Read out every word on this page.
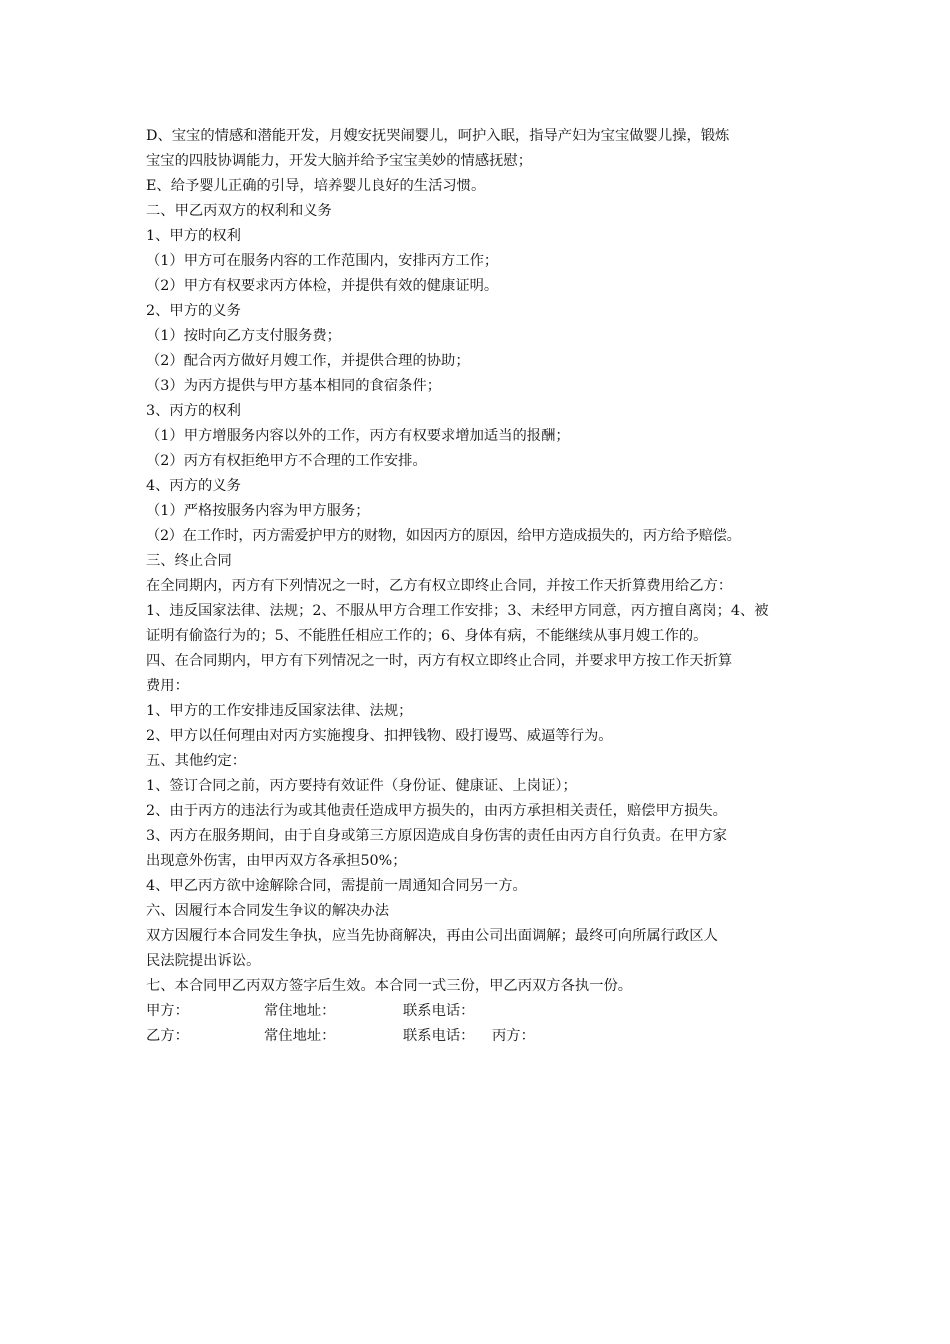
D、宝宝的情感和潜能开发，月嫂安抚哭闹婴儿，呵护入眠，指导产妇为宝宝做婴儿操，锻炼
宝宝的四肢协调能力，开发大脑并给予宝宝美妙的情感抚慰；
E、给予婴儿正确的引导，培养婴儿良好的生活习惯。
二、甲乙丙双方的权利和义务
1、甲方的权利
（1）甲方可在服务内容的工作范围内，安排丙方工作；
（2）甲方有权要求丙方体检，并提供有效的健康证明。
2、甲方的义务
（1）按时向乙方支付服务费；
（2）配合丙方做好月嫂工作，并提供合理的协助；
（3）为丙方提供与甲方基本相同的食宿条件；
3、丙方的权利
（1）甲方增服务内容以外的工作，丙方有权要求增加适当的报酬；
（2）丙方有权拒绝甲方不合理的工作安排。
4、丙方的义务
（1）严格按服务内容为甲方服务；
（2）在工作时，丙方需爱护甲方的财物，如因丙方的原因，给甲方造成损失的，丙方给予赔偿。
三、终止合同
在全同期内，丙方有下列情况之一时，乙方有权立即终止合同，并按工作天折算费用给乙方：
1、违反国家法律、法规；2、不服从甲方合理工作安排；3、未经甲方同意，丙方擅自离岗；4、被
证明有偷盗行为的；5、不能胜任相应工作的；6、身体有病，不能继续从事月嫂工作的。
四、在合同期内，甲方有下列情况之一时，丙方有权立即终止合同，并要求甲方按工作天折算
费用：
1、甲方的工作安排违反国家法律、法规；
2、甲方以任何理由对丙方实施搜身、扣押钱物、殴打谩骂、威逼等行为。
五、其他约定：
1、签订合同之前，丙方要持有效证件（身份证、健康证、上岗证）；
2、由于丙方的违法行为或其他责任造成甲方损失的，由丙方承担相关责任，赔偿甲方损失。
3、丙方在服务期间，由于自身或第三方原因造成自身伤害的责任由丙方自行负责。在甲方家
出现意外伤害，由甲丙双方各承担50%；
4、甲乙丙方欲中途解除合同，需提前一周通知合同另一方。
六、因履行本合同发生争议的解决办法
双方因履行本合同发生争执，应当先协商解决，再由公司出面调解；最终可向所属行政区人
民法院提出诉讼。
七、本合同甲乙丙双方签字后生效。本合同一式三份，甲乙丙双方各执一份。
甲方：	常住地址：	联系电话：
乙方：	常住地址：	联系电话： 丙方：
